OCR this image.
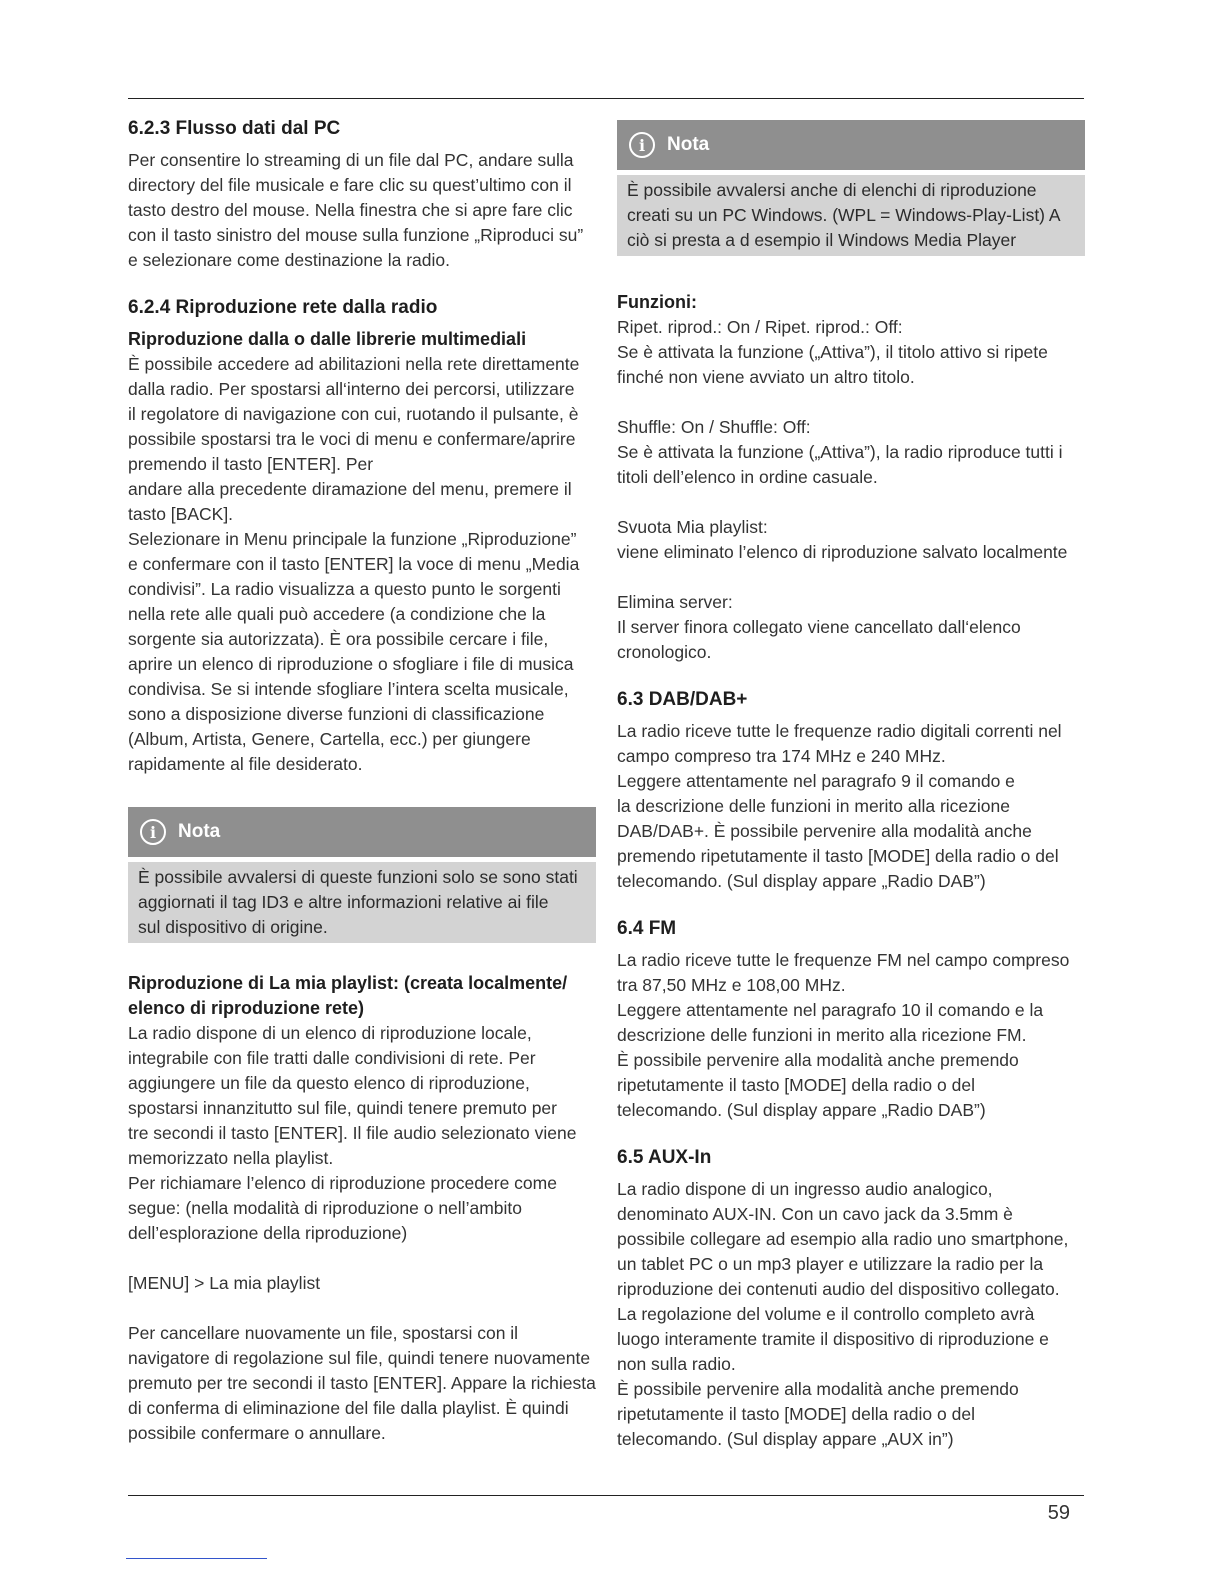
6.2.3 Flusso dati dal PC

Per consentire lo streaming di un file dal PC, andare sulla
directory del file musicale e fare clic su quest’ultimo con il
tasto destro del mouse. Nella finestra che si apre fare clic
con il tasto sinistro del mouse sulla funzione „Riproduci su”
e selezionare come destinazione la radio.

6.2.4 Riproduzione rete dalla radio
Riproduzione dalla o dalle librerie multimediali

È possibile accedere ad abilitazioni nella rete direttamente
dalla radio. Per spostarsi all‘interno dei percorsi, utilizzare
il regolatore di navigazione con cui, ruotando il pulsante, è
possibile spostarsi tra le voci di menu e confermare/aprire
premendo il tasto [ENTER]. Per
andare alla precedente diramazione del menu, premere il
tasto [BACK].
Selezionare in Menu principale la funzione „Riproduzione”
e confermare con il tasto [ENTER] la voce di menu „Media
condivisi”. La radio visualizza a questo punto le sorgenti
nella rete alle quali può accedere (a condizione che la
sorgente sia autorizzata). È ora possibile cercare i file,
aprire un elenco di riproduzione o sfogliare i file di musica
condivisa. Se si intende sfogliare l’intera scelta musicale,
sono a disposizione diverse funzioni di classificazione
(Album, Artista, Genere, Cartella, ecc.) per giungere
rapidamente al file desiderato.

i	Nota

È possibile avvalersi di queste funzioni solo se sono stati
aggiornati il tag ID3 e altre informazioni relative ai file
sul dispositivo di origine.

Riproduzione di La mia playlist: (creata localmente/
elenco di riproduzione rete)

La radio dispone di un elenco di riproduzione locale,
integrabile con file tratti dalle condivisioni di rete. Per
aggiungere un file da questo elenco di riproduzione,
spostarsi innanzitutto sul file, quindi tenere premuto per
tre secondi il tasto [ENTER]. Il file audio selezionato viene
memorizzato nella playlist.
Per richiamare l’elenco di riproduzione procedere come
segue: (nella modalità di riproduzione o nell’ambito
dell’esplorazione della riproduzione)

[MENU] > La mia playlist

Per cancellare nuovamente un file, spostarsi con il
navigatore di regolazione sul file, quindi tenere nuovamente
premuto per tre secondi il tasto [ENTER]. Appare la richiesta
di conferma di eliminazione del file dalla playlist. È quindi
possibile confermare o annullare.

i	Nota

È possibile avvalersi anche di elenchi di riproduzione
creati su un PC Windows. (WPL = Windows-Play-List) A
ciò si presta a d esempio il Windows Media Player

Funzioni:

Ripet. riprod.: On / Ripet. riprod.: Off:

Se è attivata la funzione („Attiva”), il titolo attivo si ripete
finché non viene avviato un altro titolo.

Shuffle: On / Shuffle: Off:

Se è attivata la funzione („Attiva”), la radio riproduce tutti i
titoli dell’elenco in ordine casuale.

Svuota Mia playlist:

viene eliminato l’elenco di riproduzione salvato localmente

Elimina server:

Il server finora collegato viene cancellato dall‘elenco
cronologico.

6.3 DAB/DAB+

La radio riceve tutte le frequenze radio digitali correnti nel
campo compreso tra 174 MHz e 240 MHz.
Leggere attentamente nel paragrafo 9 il comando e
la descrizione delle funzioni in merito alla ricezione
DAB/DAB+. È possibile pervenire alla modalità anche
premendo ripetutamente il tasto [MODE] della radio o del
telecomando. (Sul display appare „Radio DAB”)

6.4 FM

La radio riceve tutte le frequenze FM nel campo compreso
tra 87,50 MHz e 108,00 MHz.
Leggere attentamente nel paragrafo 10 il comando e la
descrizione delle funzioni in merito alla ricezione FM.
È possibile pervenire alla modalità anche premendo
ripetutamente il tasto [MODE] della radio o del
telecomando. (Sul display appare „Radio DAB”)

6.5 AUX-In

La radio dispone di un ingresso audio analogico,
denominato AUX-IN. Con un cavo jack da 3.5mm è
possibile collegare ad esempio alla radio uno smartphone,
un tablet PC o un mp3 player e utilizzare la radio per la
riproduzione dei contenuti audio del dispositivo collegato.
La regolazione del volume e il controllo completo avrà
luogo interamente tramite il dispositivo di riproduzione e
non sulla radio.
È possibile pervenire alla modalità anche premendo
ripetutamente il tasto [MODE] della radio o del
telecomando. (Sul display appare „AUX in”)

59
